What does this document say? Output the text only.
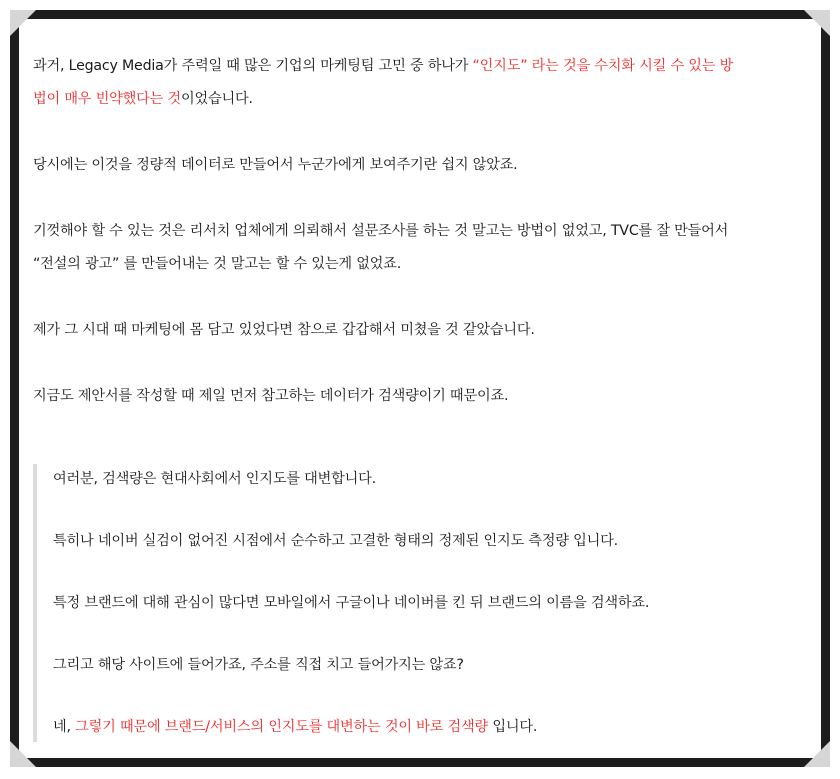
과거, Legacy Media가 주력일 때 많은 기업의 마케팅팀 고민 중 하나가 “인지도” 라는 것을 수치화 시킬 수 있는 방

법이 매우 빈약했다는 것이었습니다.

당시에는 이것을 정량적 데이터로 만들어서 누군가에게 보여주기란 쉽지 않았죠.

기껏해야 할 수 있는 것은 리서치 업체에게 의뢰해서 설문조사를 하는 것 말고는 방법이 없었고, TVC를 잘 만들어서

“전설의 광고” 를 만들어내는 것 말고는 할 수 있는게 없었죠.

제가 그 시대 때 마케팅에 몸 담고 있었다면 참으로 갑갑해서 미쳤을 것 같았습니다.

지금도 제안서를 작성할 때 제일 먼저 참고하는 데이터가 검색량이기 때문이죠.

여러분, 검색량은 현대사회에서 인지도를 대변합니다.

특히나 네이버 실검이 없어진 시점에서 순수하고 고결한 형태의 정제된 인지도 측정량 입니다.

특정 브랜드에 대해 관심이 많다면 모바일에서 구글이나 네이버를 킨 뒤 브랜드의 이름을 검색하죠.

그리고 해당 사이트에 들어가죠, 주소를 직접 치고 들어가지는 않죠?

네, 그렇기 때문에 브랜드/서비스의 인지도를 대변하는 것이 바로 검색량 입니다.
